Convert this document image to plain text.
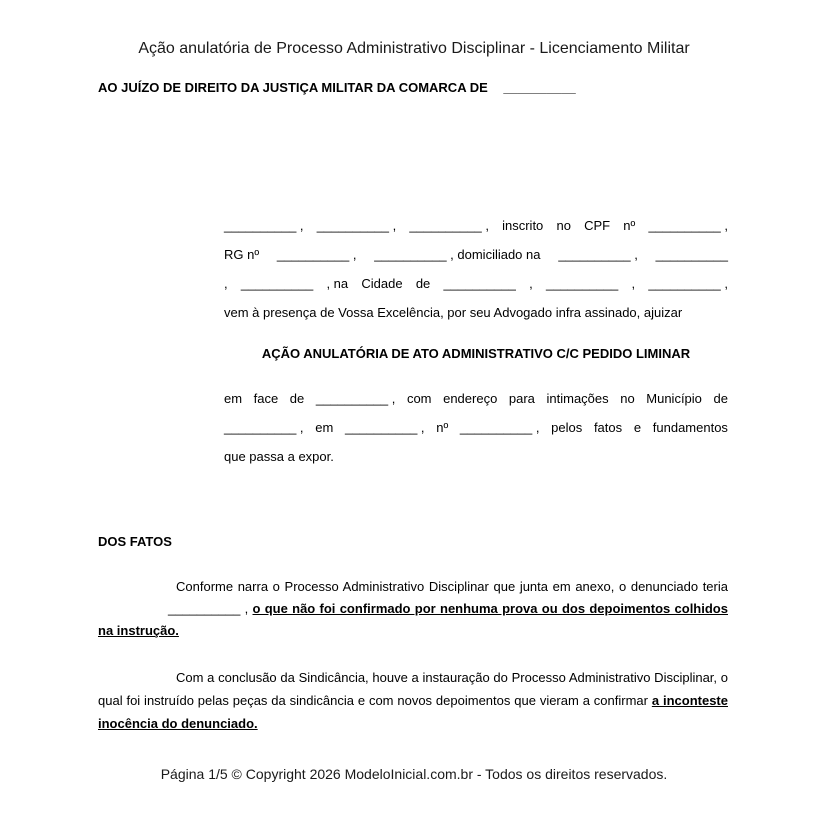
Ação anulatória de Processo Administrativo Disciplinar - Licenciamento Militar
AO JUÍZO DE DIREITO DA JUSTIÇA MILITAR DA COMARCA DE __________
__________ , __________ , __________ , inscrito no CPF nº __________ ,
RG nº __________ , __________ , domiciliado na __________ , __________
, __________ , na Cidade de __________ , __________ , __________ ,
vem à presença de Vossa Excelência, por seu Advogado infra assinado, ajuizar
AÇÃO ANULATÓRIA DE ATO ADMINISTRATIVO C/C PEDIDO LIMINAR
em face de __________ , com endereço para intimações no Município de
__________ , em __________ , nº __________ , pelos fatos e fundamentos
que passa a expor.
DOS FATOS
Conforme narra o Processo Administrativo Disciplinar que junta em anexo, o denunciado teria __________ , o que não foi confirmado por nenhuma prova ou dos depoimentos colhidos na instrução.
Com a conclusão da Sindicância, houve a instauração do Processo Administrativo Disciplinar, o qual foi instruído pelas peças da sindicância e com novos depoimentos que vieram a confirmar a inconteste inocência do denunciado.
Página 1/5 © Copyright 2026 ModeloInicial.com.br - Todos os direitos reservados.
